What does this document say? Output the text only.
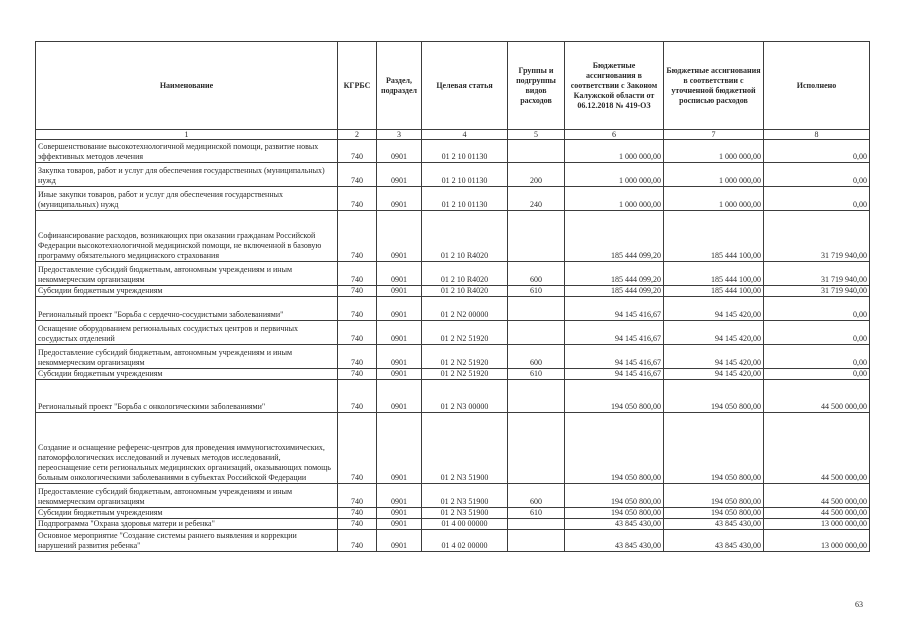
Наименование	КГРБС	Раздел, подраздел	Целевая статья	Группы и подгруппы видов расходов	Бюджетные ассигнования в соответствии с Законом Калужской области от 06.12.2018 № 419-ОЗ	Бюджетные ассигнования в соответствии с уточненной бюджетной росписью расходов	Исполнено
1	2	3	4	5	6	7	8
Совершенствование высокотехнологичной медицинской помощи, развитие новых эффективных методов лечения	740	0901	01 2 10 01130		1 000 000,00	1 000 000,00	0,00
Закупка товаров, работ и услуг для обеспечения государственных (муниципальных) нужд	740	0901	01 2 10 01130	200	1 000 000,00	1 000 000,00	0,00
Иные закупки товаров, работ и услуг для обеспечения государственных (муниципальных) нужд	740	0901	01 2 10 01130	240	1 000 000,00	1 000 000,00	0,00
Софинансирование расходов, возникающих при оказании гражданам Российской Федерации высокотехнологичной медицинской помощи, не включенной в базовую программу обязательного медицинского страхования	740	0901	01 2 10 R4020		185 444 099,20	185 444 100,00	31 719 940,00
Предоставление субсидий бюджетным, автономным учреждениям и иным некоммерческим организациям	740	0901	01 2 10 R4020	600	185 444 099,20	185 444 100,00	31 719 940,00
Субсидии бюджетным учреждениям	740	0901	01 2 10 R4020	610	185 444 099,20	185 444 100,00	31 719 940,00
Региональный проект "Борьба с сердечно-сосудистыми заболеваниями"	740	0901	01 2 N2 00000		94 145 416,67	94 145 420,00	0,00
Оснащение оборудованием региональных сосудистых центров и первичных сосудистых отделений	740	0901	01 2 N2 51920		94 145 416,67	94 145 420,00	0,00
Предоставление субсидий бюджетным, автономным учреждениям и иным некоммерческим организациям	740	0901	01 2 N2 51920	600	94 145 416,67	94 145 420,00	0,00
Субсидии бюджетным учреждениям	740	0901	01 2 N2 51920	610	94 145 416,67	94 145 420,00	0,00
Региональный проект "Борьба с онкологическими заболеваниями"	740	0901	01 2 N3 00000		194 050 800,00	194 050 800,00	44 500 000,00
Создание и оснащение референс-центров для проведения иммуногистохимических, патоморфологических исследований и лучевых методов исследований, переоснащение сети региональных медицинских организаций, оказывающих помощь больным онкологическими заболеваниями в субъектах Российской Федерации	740	0901	01 2 N3 51900		194 050 800,00	194 050 800,00	44 500 000,00
Предоставление субсидий бюджетным, автономным учреждениям и иным некоммерческим организациям	740	0901	01 2 N3 51900	600	194 050 800,00	194 050 800,00	44 500 000,00
Субсидии бюджетным учреждениям	740	0901	01 2 N3 51900	610	194 050 800,00	194 050 800,00	44 500 000,00
Подпрограмма "Охрана здоровья матери и ребенка"	740	0901	01 4 00 00000		43 845 430,00	43 845 430,00	13 000 000,00
Основное мероприятие "Создание системы раннего выявления и коррекции нарушений развития ребенка"	740	0901	01 4 02 00000		43 845 430,00	43 845 430,00	13 000 000,00
63
